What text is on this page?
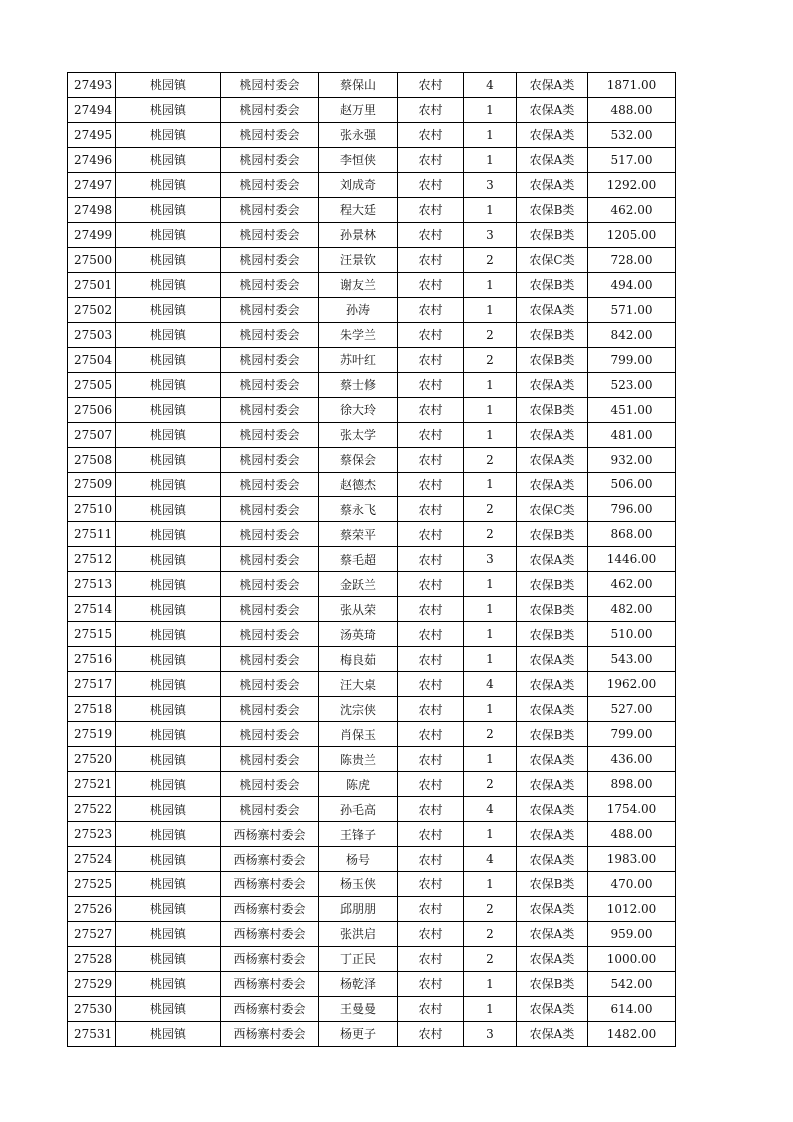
27493	桃园镇	桃园村委会	蔡保山	农村	4	农保A类	1871.00
27494	桃园镇	桃园村委会	赵万里	农村	1	农保A类	488.00
27495	桃园镇	桃园村委会	张永强	农村	1	农保A类	532.00
27496	桃园镇	桃园村委会	李恒侠	农村	1	农保A类	517.00
27497	桃园镇	桃园村委会	刘成奇	农村	3	农保A类	1292.00
27498	桃园镇	桃园村委会	程大廷	农村	1	农保B类	462.00
27499	桃园镇	桃园村委会	孙景林	农村	3	农保B类	1205.00
27500	桃园镇	桃园村委会	汪景钦	农村	2	农保C类	728.00
27501	桃园镇	桃园村委会	谢友兰	农村	1	农保B类	494.00
27502	桃园镇	桃园村委会	孙涛	农村	1	农保A类	571.00
27503	桃园镇	桃园村委会	朱学兰	农村	2	农保B类	842.00
27504	桃园镇	桃园村委会	苏叶红	农村	2	农保B类	799.00
27505	桃园镇	桃园村委会	蔡士修	农村	1	农保A类	523.00
27506	桃园镇	桃园村委会	徐大玲	农村	1	农保B类	451.00
27507	桃园镇	桃园村委会	张太学	农村	1	农保A类	481.00
27508	桃园镇	桃园村委会	蔡保会	农村	2	农保A类	932.00
27509	桃园镇	桃园村委会	赵德杰	农村	1	农保A类	506.00
27510	桃园镇	桃园村委会	蔡永飞	农村	2	农保C类	796.00
27511	桃园镇	桃园村委会	蔡荣平	农村	2	农保B类	868.00
27512	桃园镇	桃园村委会	蔡毛超	农村	3	农保A类	1446.00
27513	桃园镇	桃园村委会	金跃兰	农村	1	农保B类	462.00
27514	桃园镇	桃园村委会	张从荣	农村	1	农保B类	482.00
27515	桃园镇	桃园村委会	汤英琦	农村	1	农保B类	510.00
27516	桃园镇	桃园村委会	梅良茹	农村	1	农保A类	543.00
27517	桃园镇	桃园村委会	汪大桌	农村	4	农保A类	1962.00
27518	桃园镇	桃园村委会	沈宗侠	农村	1	农保A类	527.00
27519	桃园镇	桃园村委会	肖保玉	农村	2	农保B类	799.00
27520	桃园镇	桃园村委会	陈贵兰	农村	1	农保A类	436.00
27521	桃园镇	桃园村委会	陈虎	农村	2	农保A类	898.00
27522	桃园镇	桃园村委会	孙毛高	农村	4	农保A类	1754.00
27523	桃园镇	西杨寨村委会	王锋子	农村	1	农保A类	488.00
27524	桃园镇	西杨寨村委会	杨号	农村	4	农保A类	1983.00
27525	桃园镇	西杨寨村委会	杨玉侠	农村	1	农保B类	470.00
27526	桃园镇	西杨寨村委会	邱朋朋	农村	2	农保A类	1012.00
27527	桃园镇	西杨寨村委会	张洪启	农村	2	农保A类	959.00
27528	桃园镇	西杨寨村委会	丁正民	农村	2	农保A类	1000.00
27529	桃园镇	西杨寨村委会	杨乾泽	农村	1	农保B类	542.00
27530	桃园镇	西杨寨村委会	王曼曼	农村	1	农保A类	614.00
27531	桃园镇	西杨寨村委会	杨更子	农村	3	农保A类	1482.00
